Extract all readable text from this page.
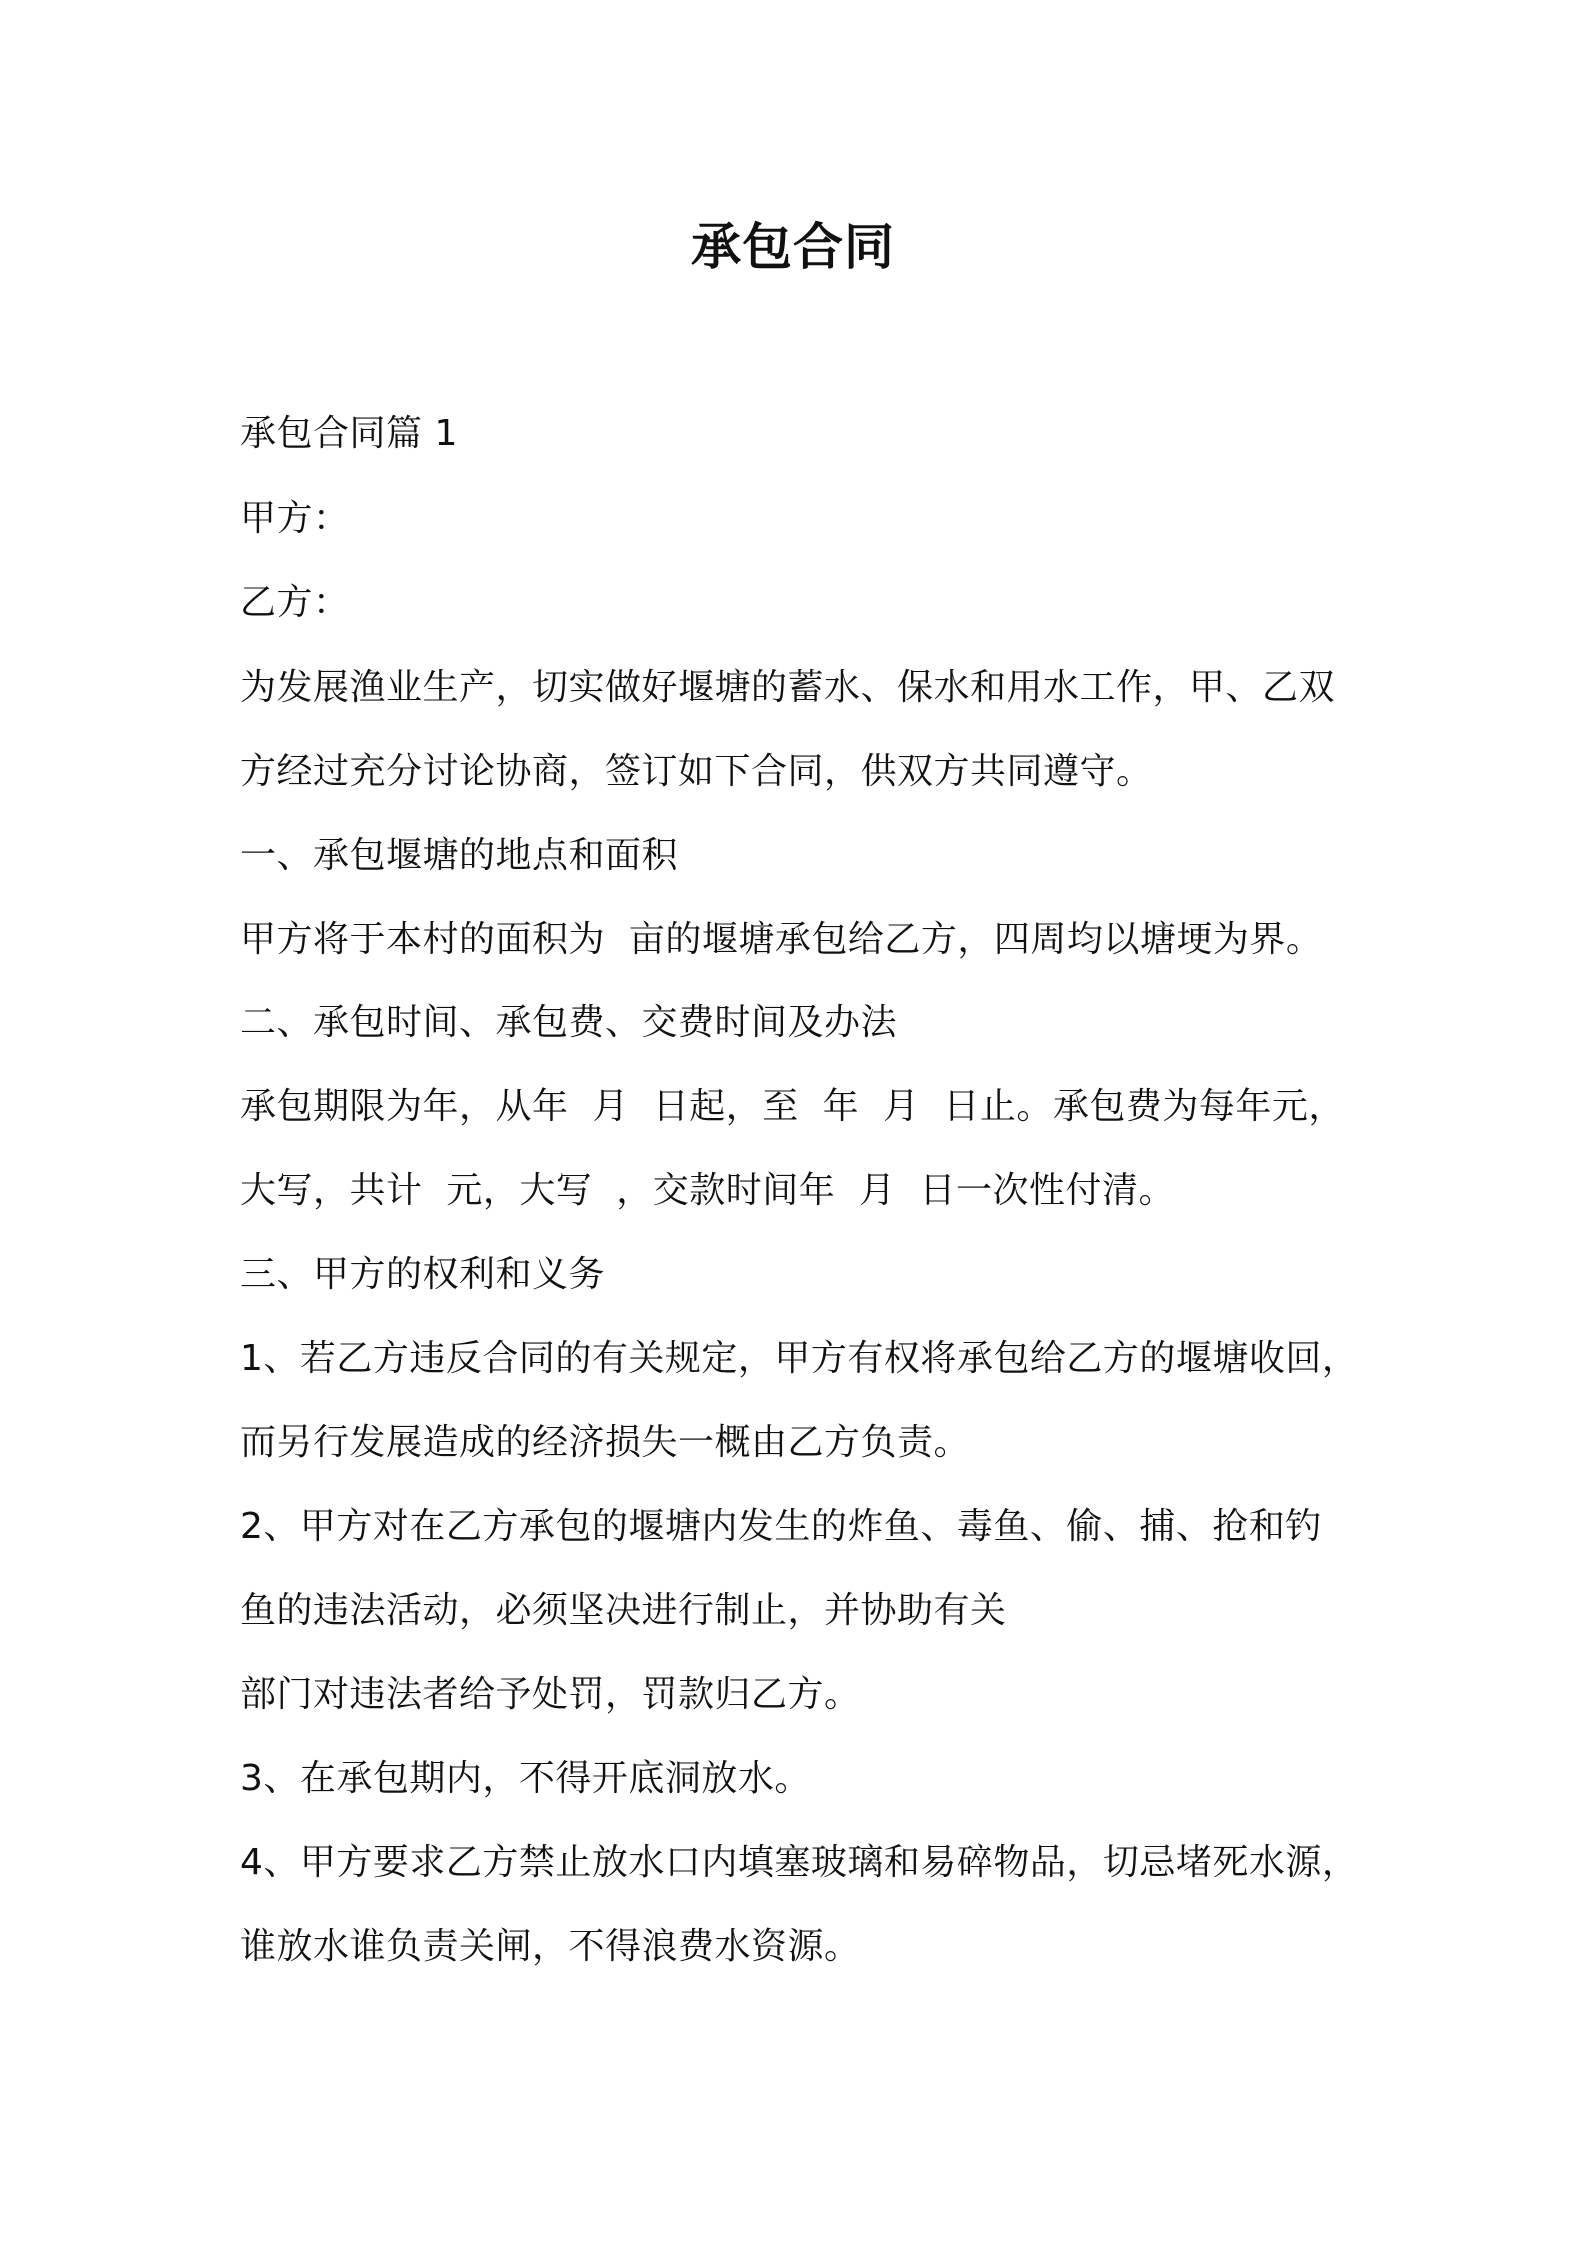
承包合同
承包合同篇 1
甲方：
乙方：
为发展渔业生产，切实做好堰塘的蓄水、保水和用水工作，甲、乙双
方经过充分讨论协商，签订如下合同，供双方共同遵守。
一、承包堰塘的地点和面积
甲方将于本村的面积为  亩的堰塘承包给乙方，四周均以塘埂为界。
二、承包时间、承包费、交费时间及办法
承包期限为年，从年  月  日起，至  年  月  日止。承包费为每年元，
大写，共计  元，大写  ，交款时间年  月  日一次性付清。
三、甲方的权利和义务
1、若乙方违反合同的有关规定，甲方有权将承包给乙方的堰塘收回，
而另行发展造成的经济损失一概由乙方负责。
2、甲方对在乙方承包的堰塘内发生的炸鱼、毒鱼、偷、捕、抢和钓
鱼的违法活动，必须坚决进行制止，并协助有关
部门对违法者给予处罚，罚款归乙方。
3、在承包期内，不得开底洞放水。
4、甲方要求乙方禁止放水口内填塞玻璃和易碎物品，切忌堵死水源，
谁放水谁负责关闸，不得浪费水资源。
